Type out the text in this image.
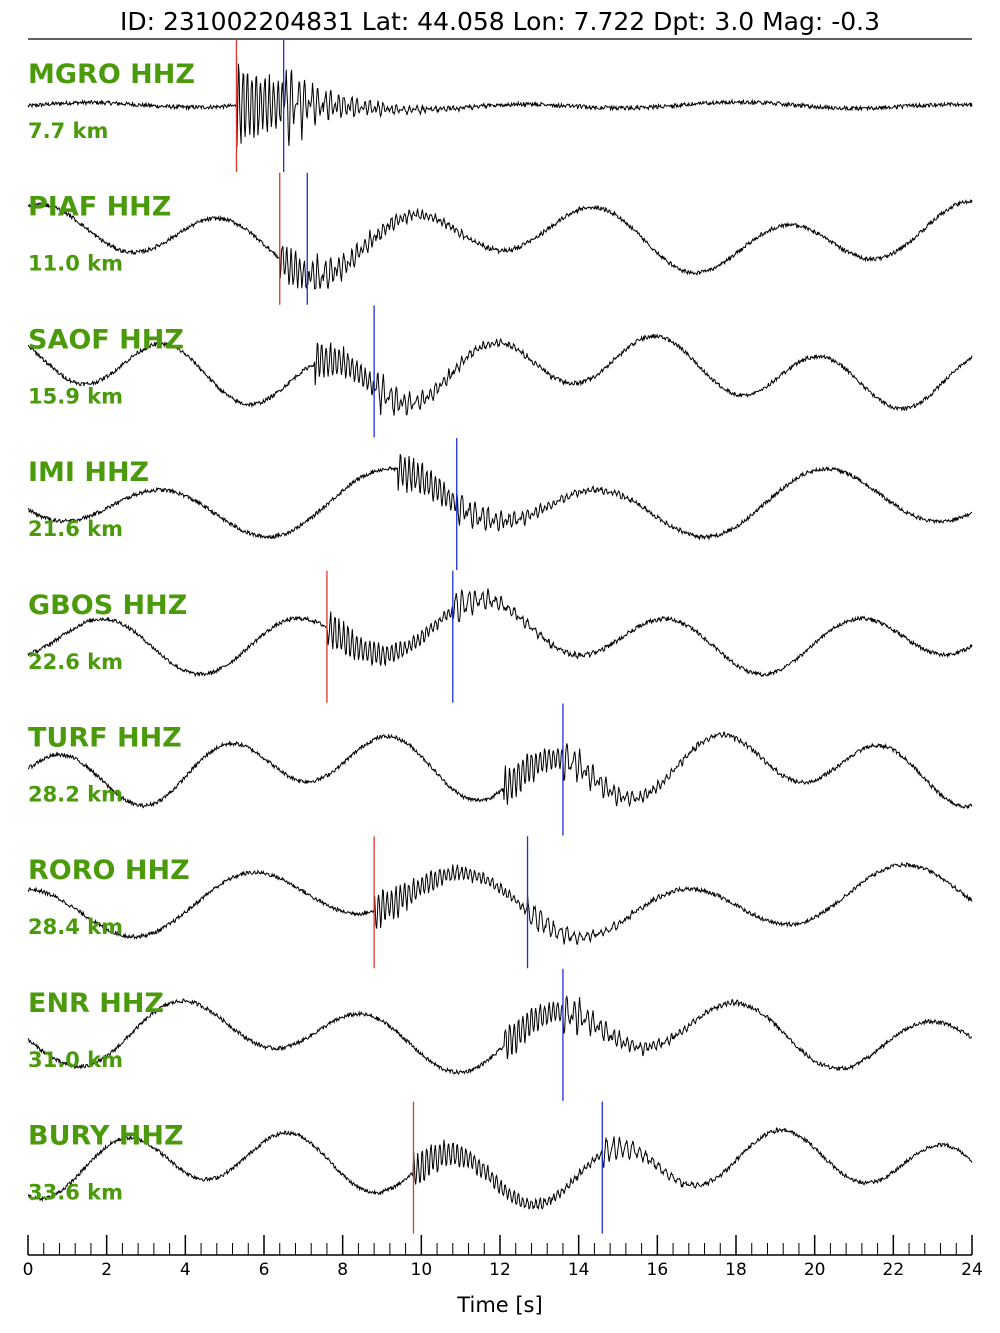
ID: 231002204831 Lat: 44.058 Lon: 7.722 Dpt: 3.0 Mag: -0.3
MGRO HHZ
7.7 km
PIAF HHZ
11.0 km
SAOF HHZ
15.9 km
IMI HHZ
21.6 km
GBOS HHZ
22.6 km
TURF HHZ
28.2 km
RORO HHZ
28.4 km
ENR HHZ
31.0 km
BURY HHZ
33.6 km
0	2	4	6	8	10	12	14	16	18	20	22	24
Time [s]
